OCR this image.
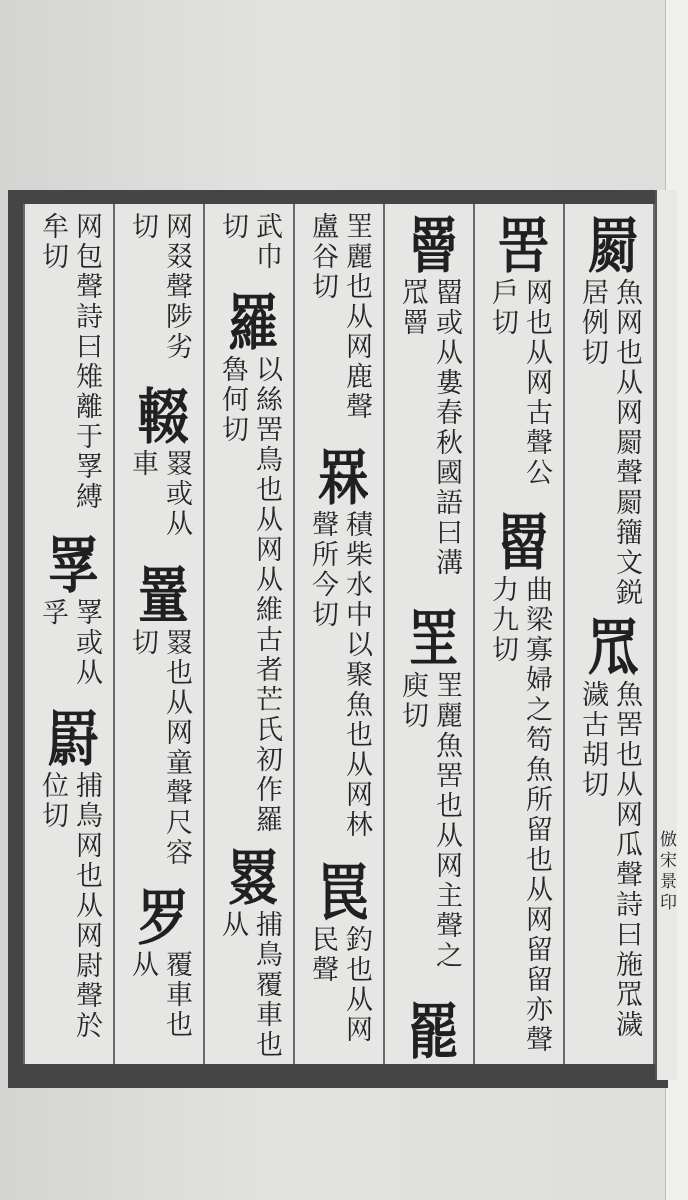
罽
魚网也从网罽聲罽籒文鋭居例切
罛
魚罟也从网瓜聲詩曰施罛濊濊古胡切
罟
网也从网古聲公戶切
罶
曲梁寡婦之笱魚所留也从网留留亦聲力九切
罾
罶或从婁春秋國語曰溝罛罾
罜
罜麗魚罟也从网主聲之庾切
罷
罜麗也从网鹿聲盧谷切
罧
積柴水中以聚魚也从网林聲所今切
罠
釣也从网民聲
武巾切
羅
以絲罟鳥也从网从維古者芒氏初作羅魯何切
罬
捕鳥覆車也从
网叕聲陟劣切
輟
罬或从車
罿
罬也从网童聲尺容切
罗
覆車也从
网包聲詩曰雉離于罦縛牟切
罦
罦或从孚
罻
捕鳥网也从网尉聲於位切
倣宋景印
